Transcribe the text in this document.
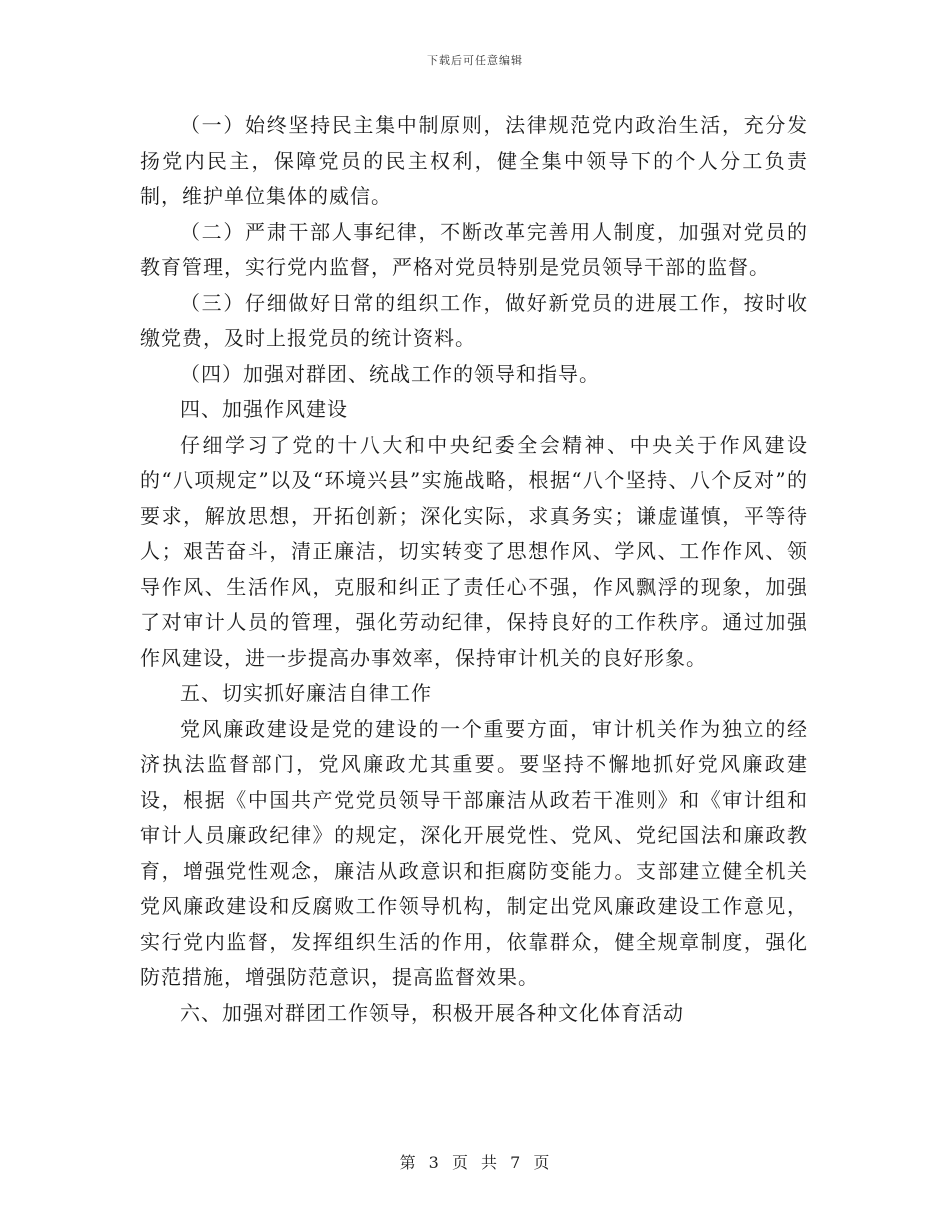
下载后可任意编辑

（一）始终坚持民主集中制原则，法律规范党内政治生活，充分发扬党内民主，保障党员的民主权利，健全集中领导下的个人分工负责制，维护单位集体的威信。

（二）严肃干部人事纪律，不断改革完善用人制度，加强对党员的教育管理，实行党内监督，严格对党员特别是党员领导干部的监督。

（三）仔细做好日常的组织工作，做好新党员的进展工作，按时收缴党费，及时上报党员的统计资料。

（四）加强对群团、统战工作的领导和指导。

四、加强作风建设

仔细学习了党的十八大和中央纪委全会精神、中央关于作风建设的“八项规定”以及“环境兴县”实施战略，根据“八个坚持、八个反对”的要求，解放思想，开拓创新；深化实际，求真务实；谦虚谨慎，平等待人；艰苦奋斗，清正廉洁，切实转变了思想作风、学风、工作作风、领导作风、生活作风，克服和纠正了责任心不强，作风飘浮的现象，加强了对审计人员的管理，强化劳动纪律，保持良好的工作秩序。通过加强作风建设，进一步提高办事效率，保持审计机关的良好形象。

五、切实抓好廉洁自律工作

党风廉政建设是党的建设的一个重要方面，审计机关作为独立的经济执法监督部门，党风廉政尤其重要。要坚持不懈地抓好党风廉政建设，根据《中国共产党党员领导干部廉洁从政若干准则》和《审计组和审计人员廉政纪律》的规定，深化开展党性、党风、党纪国法和廉政教育，增强党性观念，廉洁从政意识和拒腐防变能力。支部建立健全机关党风廉政建设和反腐败工作领导机构，制定出党风廉政建设工作意见，实行党内监督，发挥组织生活的作用，依靠群众，健全规章制度，强化防范措施，增强防范意识，提高监督效果。

六、加强对群团工作领导，积极开展各种文化体育活动

第 3 页 共 7 页
